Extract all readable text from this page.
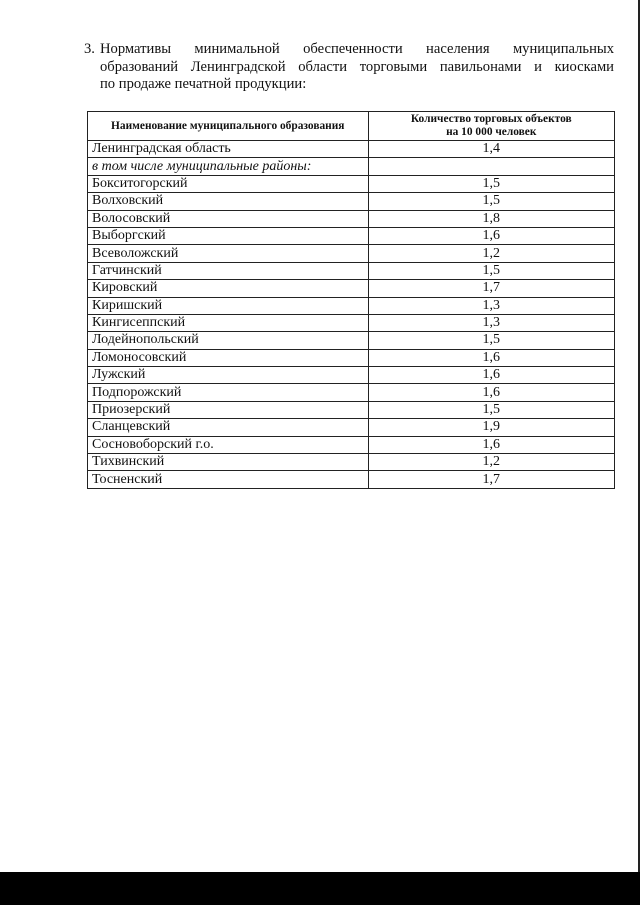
3. Нормативы минимальной обеспеченности населения муниципальных
образований Ленинградской области торговыми павильонами и киосками
по продаже печатной продукции:
Наименование муниципального образования	Количество торговых объектов
на 10 000 человек
Ленинградская область	1,4
в том числе муниципальные районы:	
Бокситогорский	1,5
Волховский	1,5
Волосовский	1,8
Выборгский	1,6
Всеволожский	1,2
Гатчинский	1,5
Кировский	1,7
Киришский	1,3
Кингисеппский	1,3
Лодейнопольский	1,5
Ломоносовский	1,6
Лужский	1,6
Подпорожский	1,6
Приозерский	1,5
Сланцевский	1,9
Сосновоборский г.о.	1,6
Тихвинский	1,2
Тосненский	1,7
